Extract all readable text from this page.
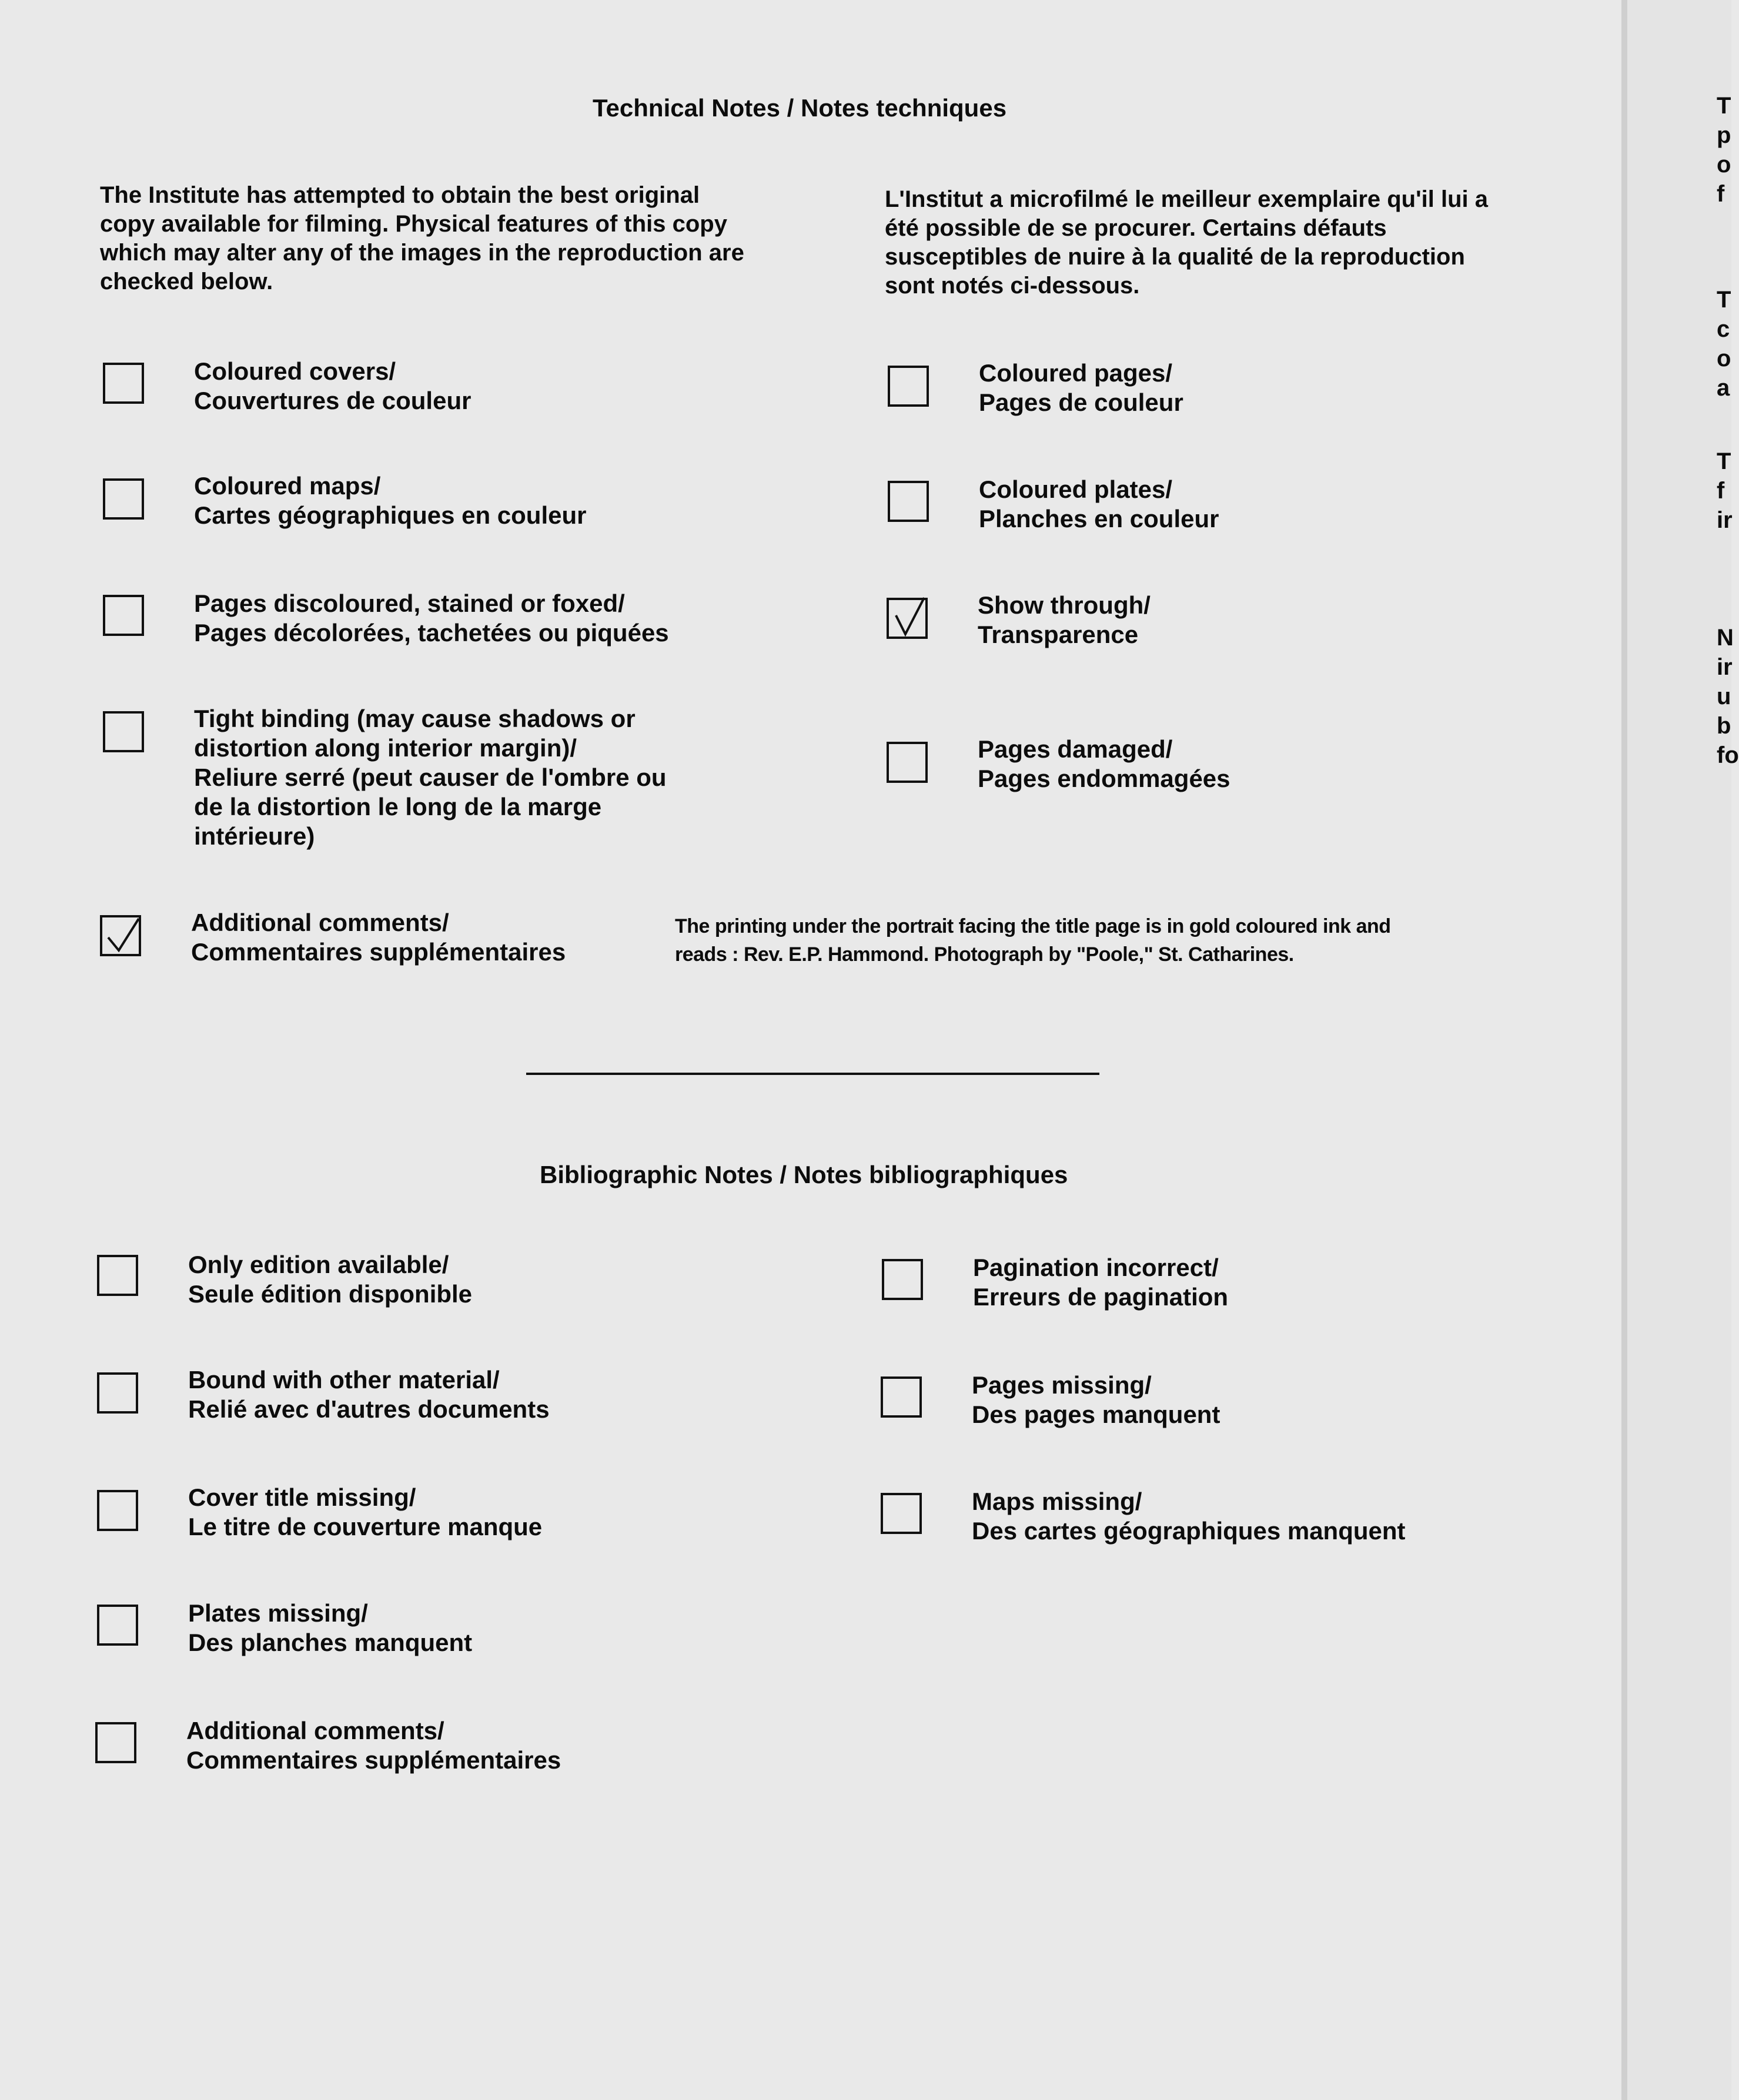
Technical Notes / Notes techniques

The Institute has attempted to obtain the best original copy available for filming. Physical features of this copy which may alter any of the images in the reproduction are checked below.

L'Institut a microfilmé le meilleur exemplaire qu'il lui a été possible de se procurer. Certains défauts susceptibles de nuire à la qualité de la reproduction sont notés ci-dessous.

Coloured covers/
Couvertures de couleur
Coloured maps/
Cartes géographiques en couleur
Pages discoloured, stained or foxed/
Pages décolorées, tachetées ou piquées
Tight binding (may cause shadows or
distortion along interior margin)/
Reliure serré (peut causer de l'ombre ou
de la distortion le long de la marge
intérieure)
Additional comments/
Commentaires supplémentaires
The printing under the portrait facing the title page is in gold coloured ink and
reads : Rev. E.P. Hammond. Photograph by "Poole," St. Catharines.
Coloured pages/
Pages de couleur
Coloured plates/
Planches en couleur
Show through/
Transparence
Pages damaged/
Pages endommagées
Bibliographic Notes / Notes bibliographiques
Only edition available/
Seule édition disponible
Bound with other material/
Relié avec d'autres documents
Cover title missing/
Le titre de couverture manque
Plates missing/
Des planches manquent
Additional comments/
Commentaires supplémentaires
Pagination incorrect/
Erreurs de pagination
Pages missing/
Des pages manquent
Maps missing/
Des cartes géographiques manquent
T
p
o
f
T
c
o
a
T
f
ir
N
ir
u
b
fo
